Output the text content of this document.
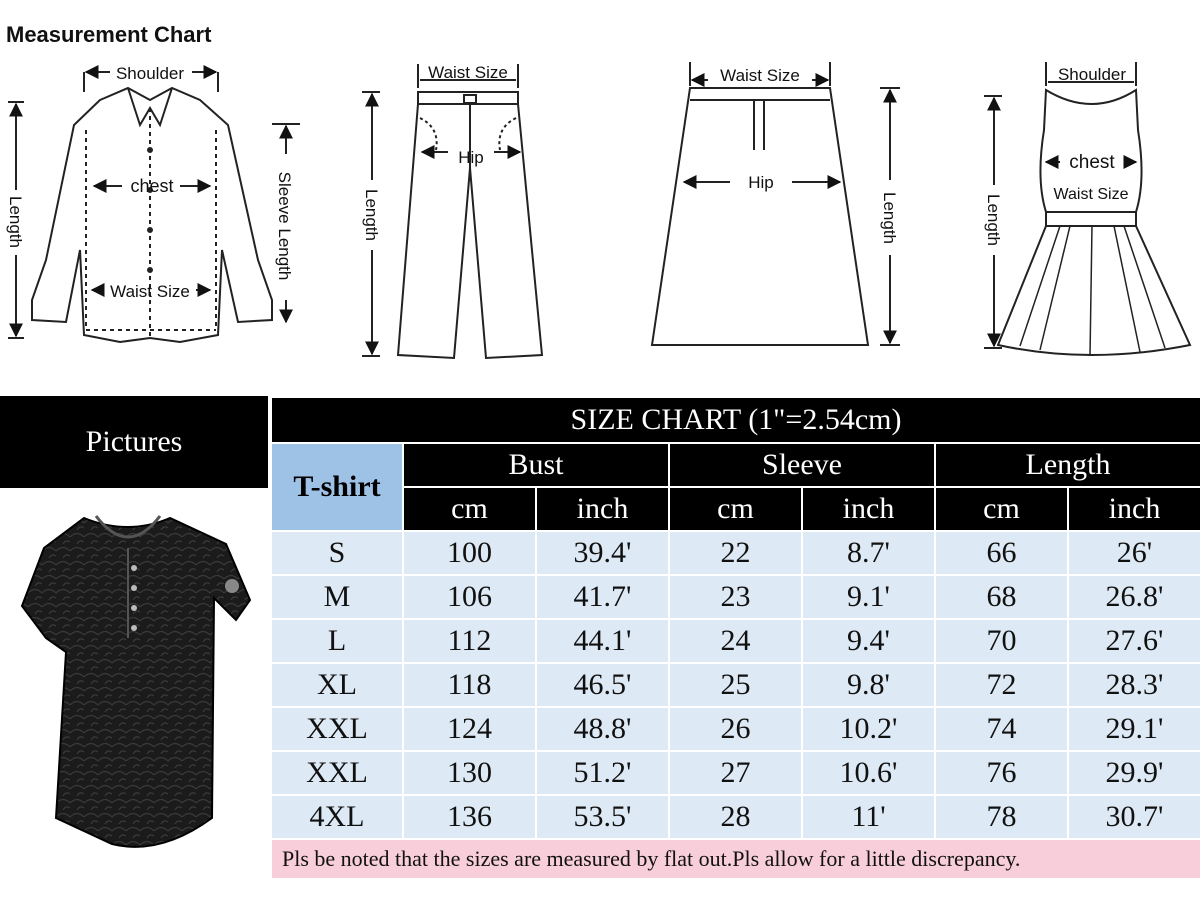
Measurement Chart
Shoulder
chest
Waist Size
Length	Sleeve Length
Waist Size
Hip
Length
Waist Size
Hip
Length
Shoulder
chest
Waist Size
Length
Pictures
SIZE CHART (1"=2.54cm)						
T-shirt	Bust		Sleeve		Length	
	cm	inch	cm	inch	cm	inch
S	100	39.4'	22	8.7'	66	26'
M	106	41.7'	23	9.1'	68	26.8'
L	112	44.1'	24	9.4'	70	27.6'
XL	118	46.5'	25	9.8'	72	28.3'
XXL	124	48.8'	26	10.2'	74	29.1'
XXL	130	51.2'	27	10.6'	76	29.9'
4XL	136	53.5'	28	11'	78	30.7'
Pls be noted that the sizes are measured by flat out.Pls allow for a little discrepancy.						
